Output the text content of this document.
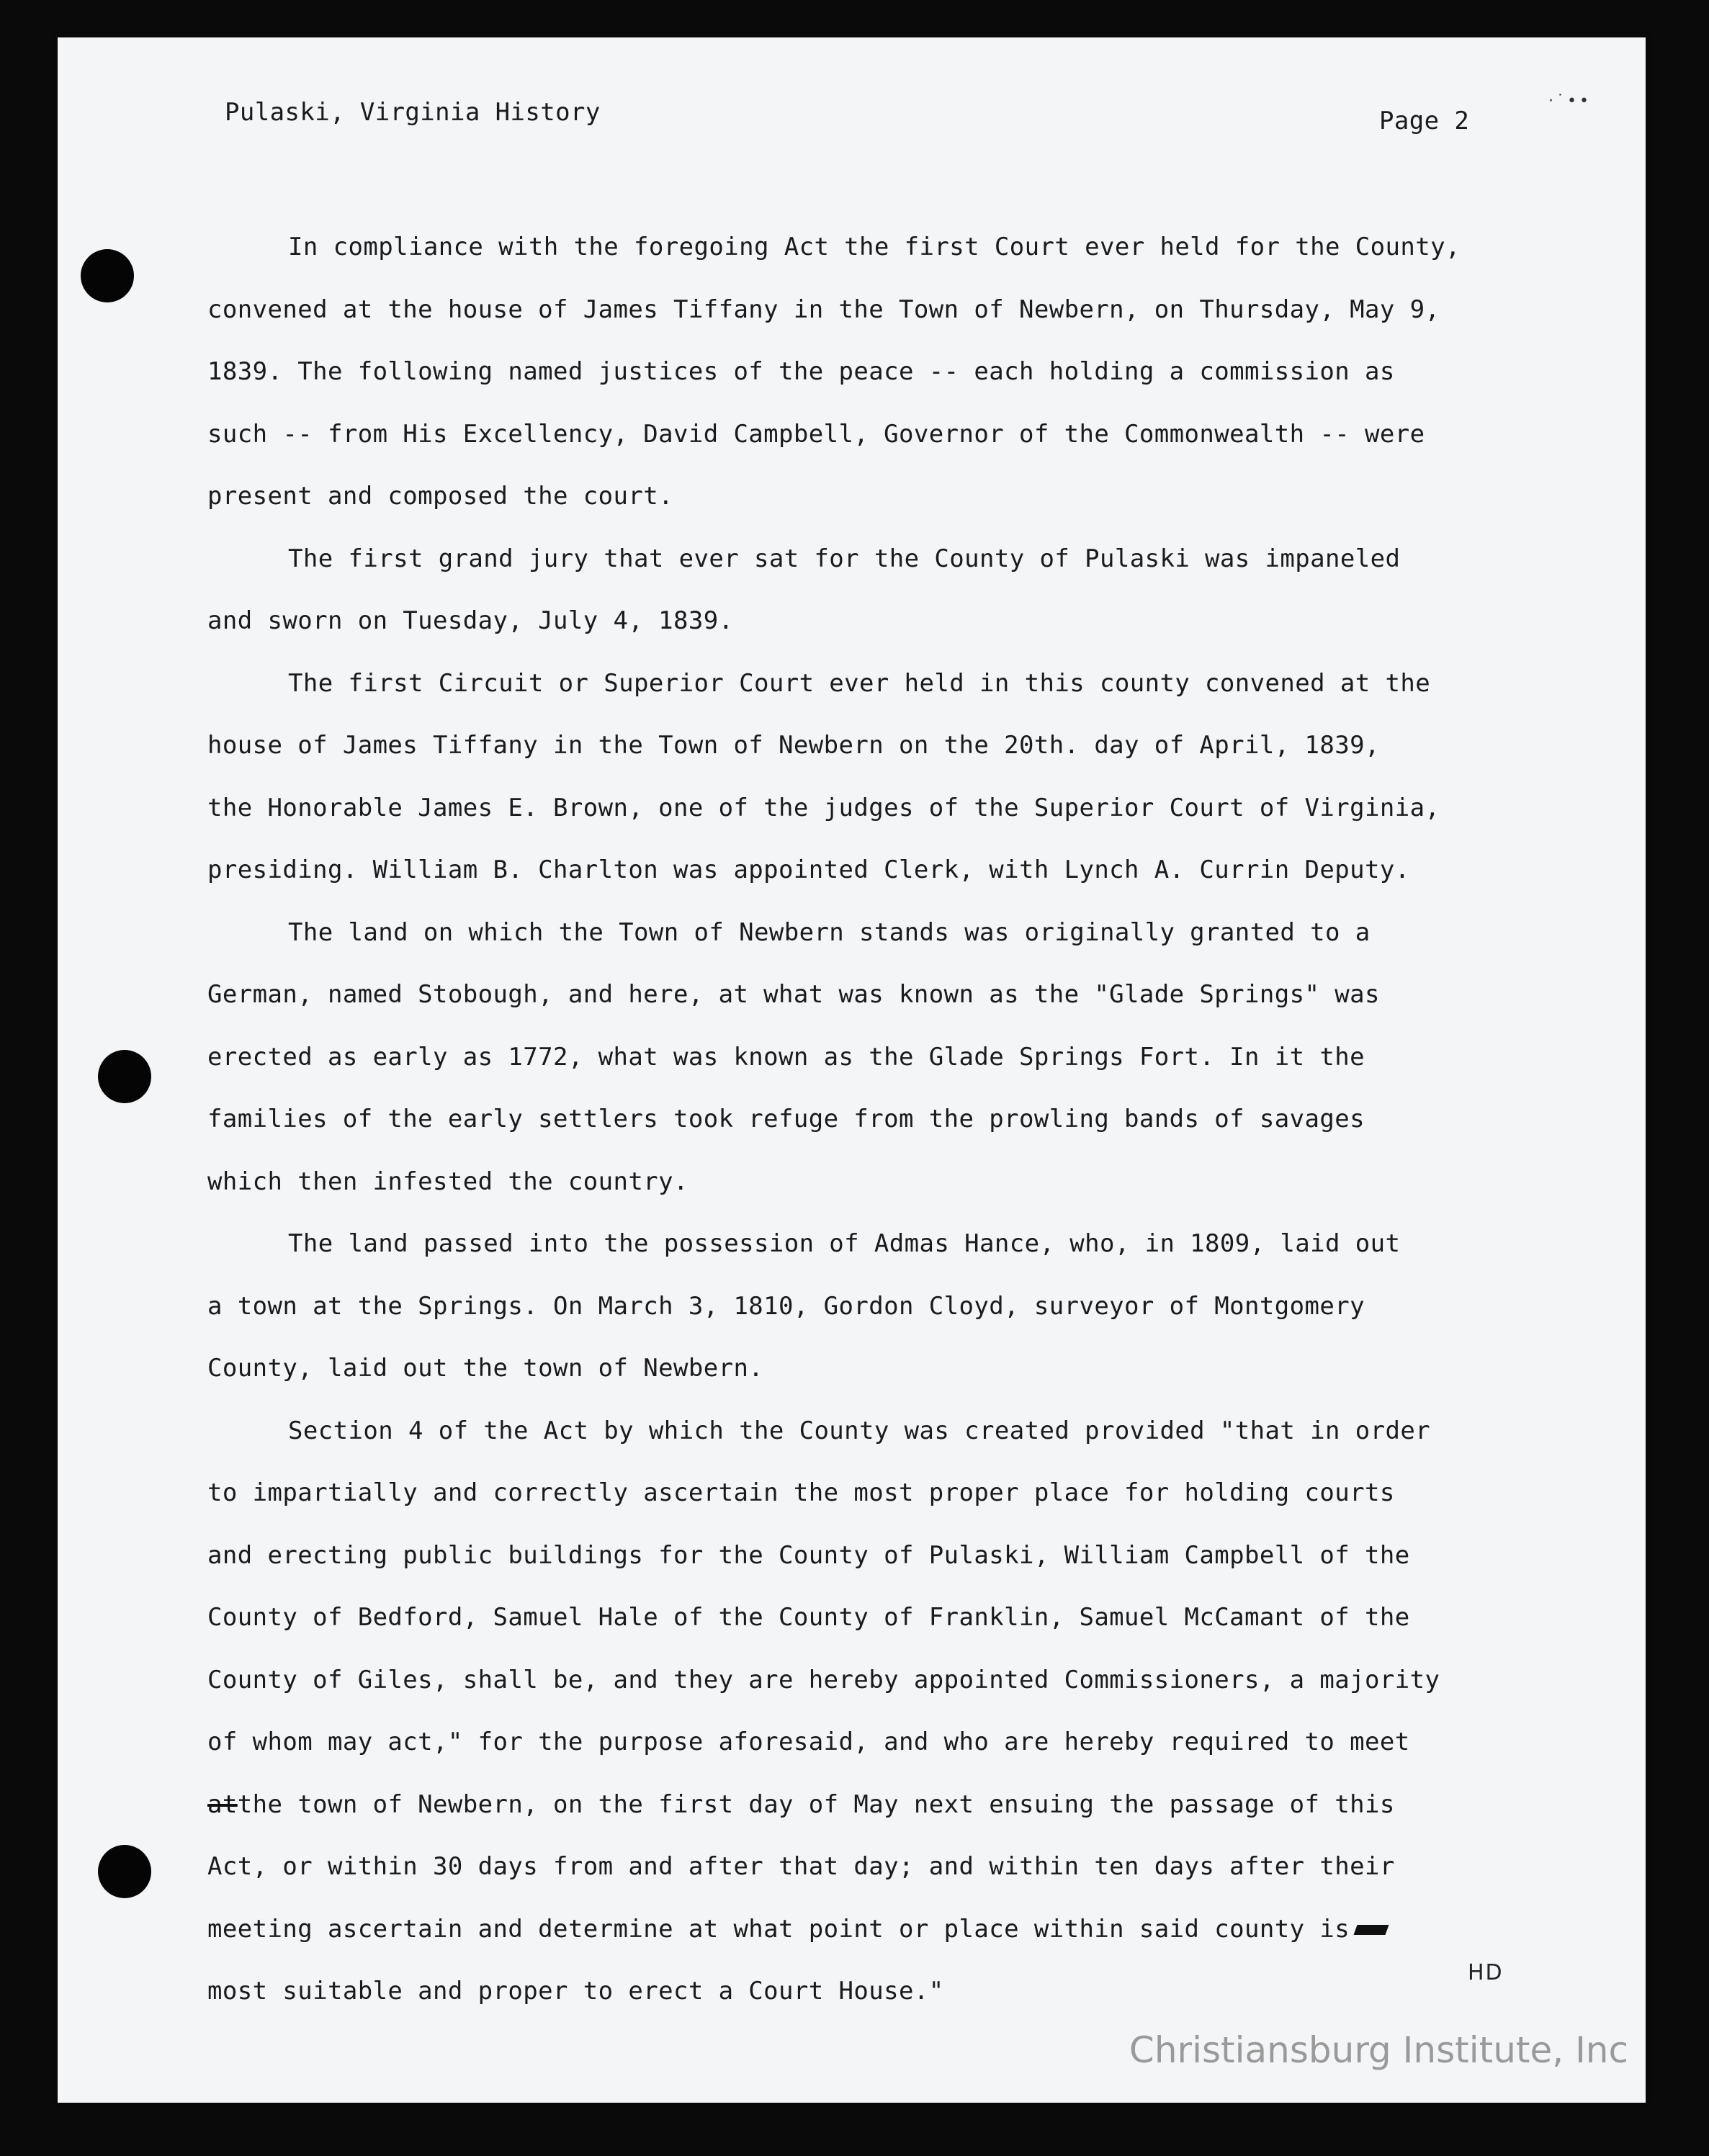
·˙••
Pulaski, Virginia History	Page 2

In compliance with the foregoing Act the first Court ever held for the County,
convened at the house of James Tiffany in the Town of Newbern, on Thursday, May 9,
1839. The following named justices of the peace -- each holding a commission as
such -- from His Excellency, David Campbell, Governor of the Commonwealth -- were
present and composed the court.

The first grand jury that ever sat for the County of Pulaski was impaneled
and sworn on Tuesday, July 4, 1839.

The first Circuit or Superior Court ever held in this county convened at the
house of James Tiffany in the Town of Newbern on the 20th. day of April, 1839,
the Honorable James E. Brown, one of the judges of the Superior Court of Virginia,
presiding. William B. Charlton was appointed Clerk, with Lynch A. Currin Deputy.

The land on which the Town of Newbern stands was originally granted to a
German, named Stobough, and here, at what was known as the "Glade Springs" was
erected as early as 1772, what was known as the Glade Springs Fort. In it the
families of the early settlers took refuge from the prowling bands of savages
which then infested the country.

The land passed into the possession of Admas Hance, who, in 1809, laid out
a town at the Springs. On March 3, 1810, Gordon Cloyd, surveyor of Montgomery
County, laid out the town of Newbern.

Section 4 of the Act by which the County was created provided "that in order
to impartially and correctly ascertain the most proper place for holding courts
and erecting public buildings for the County of Pulaski, William Campbell of the
County of Bedford, Samuel Hale of the County of Franklin, Samuel McCamant of the
County of Giles, shall be, and they are hereby appointed Commissioners, a majority
of whom may act," for the purpose aforesaid, and who are hereby required to meet
atthe town of Newbern, on the first day of May next ensuing the passage of this
Act, or within 30 days from and after that day; and within ten days after their
meeting ascertain and determine at what point or place within said county is
most suitable and proper to erect a Court House."

HD
Christiansburg Institute, Inc
